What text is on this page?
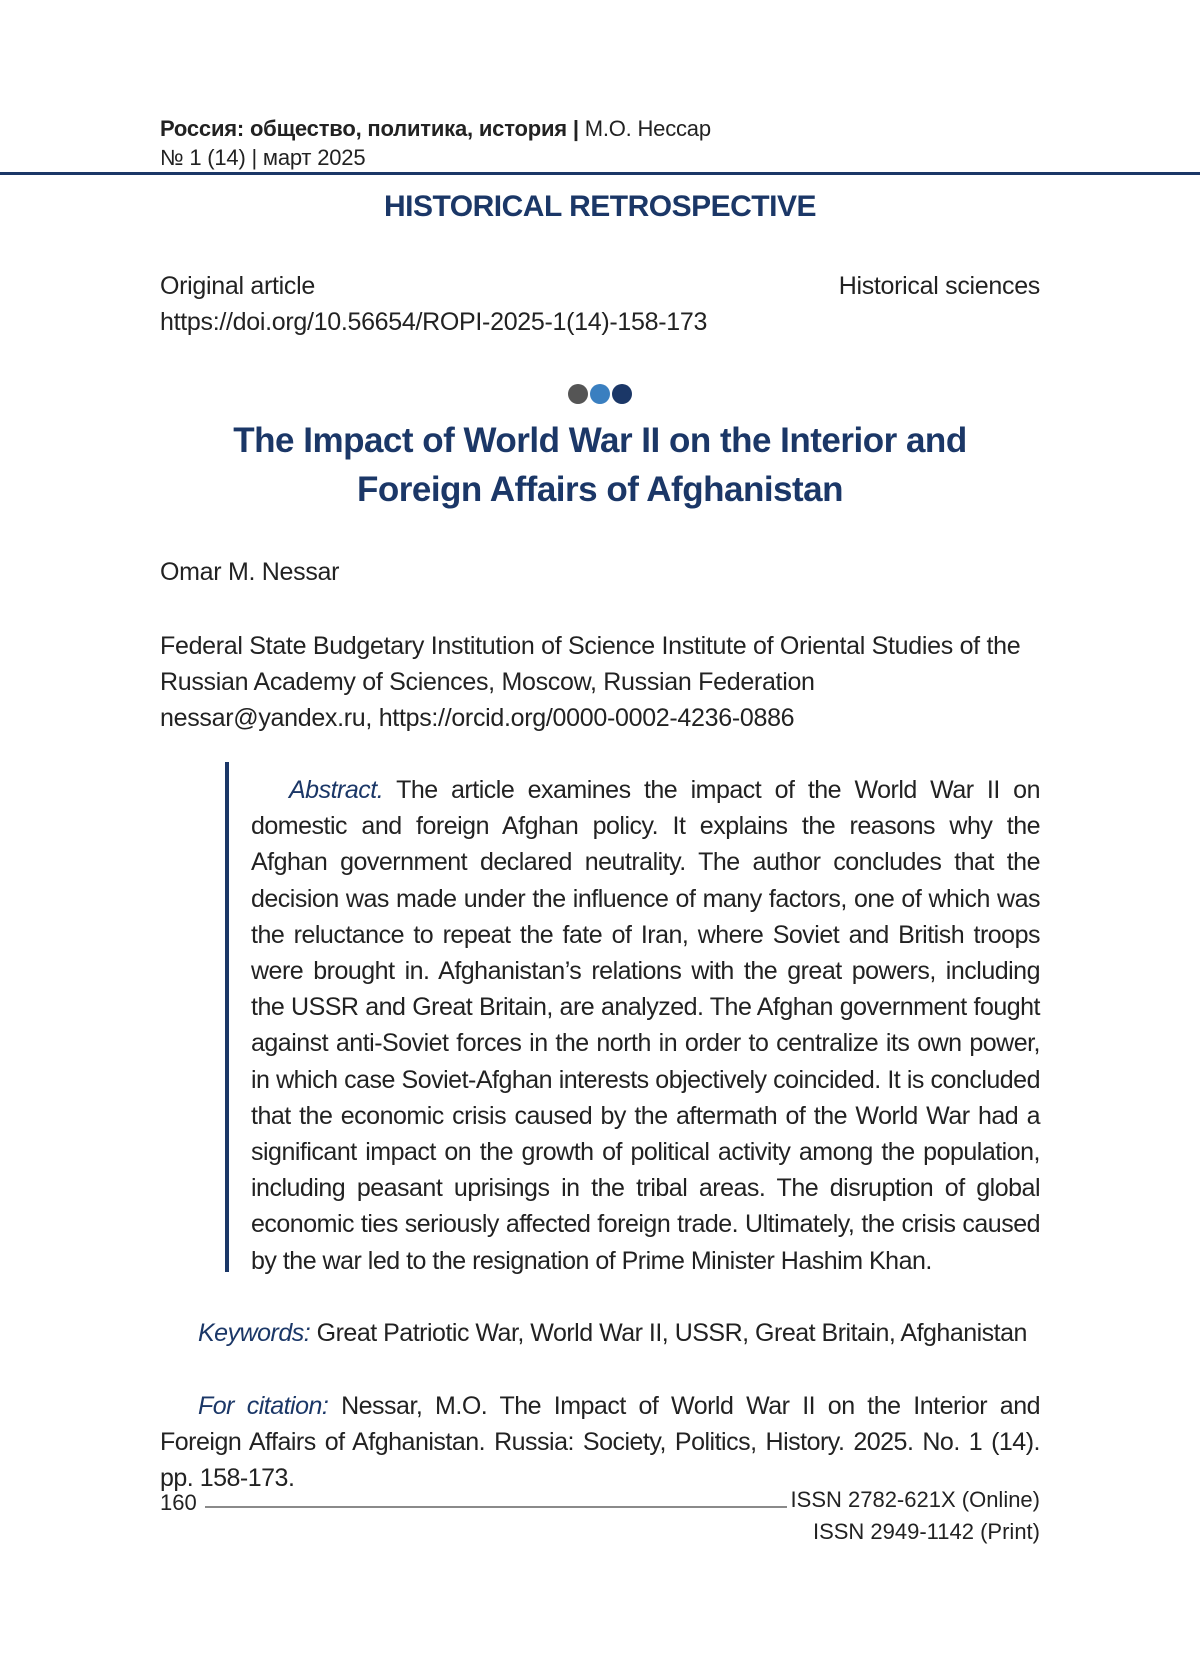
Россия: общество, политика, история | М.О. Нессар
№ 1 (14) | март 2025
HISTORICAL RETROSPECTIVE
Original article
https://doi.org/10.56654/ROPI-2025-1(14)-158-173
Historical sciences
The Impact of World War II on the Interior and
Foreign Affairs of Afghanistan
Omar M. Nessar
Federal State Budgetary Institution of Science Institute of Oriental Studies of the
Russian Academy of Sciences, Moscow, Russian Federation
nessar@yandex.ru, https://orcid.org/0000-0002-4236-0886
Abstract. The article examines the impact of the World War II on domestic and foreign Afghan policy. It explains the reasons why the Afghan government declared neutrality. The author concludes that the decision was made under the influence of many factors, one of which was the reluctance to repeat the fate of Iran, where Soviet and British troops were brought in. Afghanistan’s relations with the great powers, including the USSR and Great Britain, are analyzed. The Afghan government fought against anti-Soviet forces in the north in order to centralize its own power, in which case Soviet-Afghan interests objectively coincided. It is concluded that the economic crisis caused by the aftermath of the World War had a significant impact on the growth of political activity among the population, including peasant uprisings in the tribal areas. The disruption of global economic ties seriously affected foreign trade. Ultimately, the crisis caused by the war led to the resignation of Prime Minister Hashim Khan.
Keywords: Great Patriotic War, World War II, USSR, Great Britain, Afghanistan
For citation: Nessar, M.O. The Impact of World War II on the Interior and Foreign Affairs of Afghanistan. Russia: Society, Politics, History. 2025. No. 1 (14). pp. 158-173.
160	ISSN 2782-621X (Online)
ISSN 2949-1142 (Print)
